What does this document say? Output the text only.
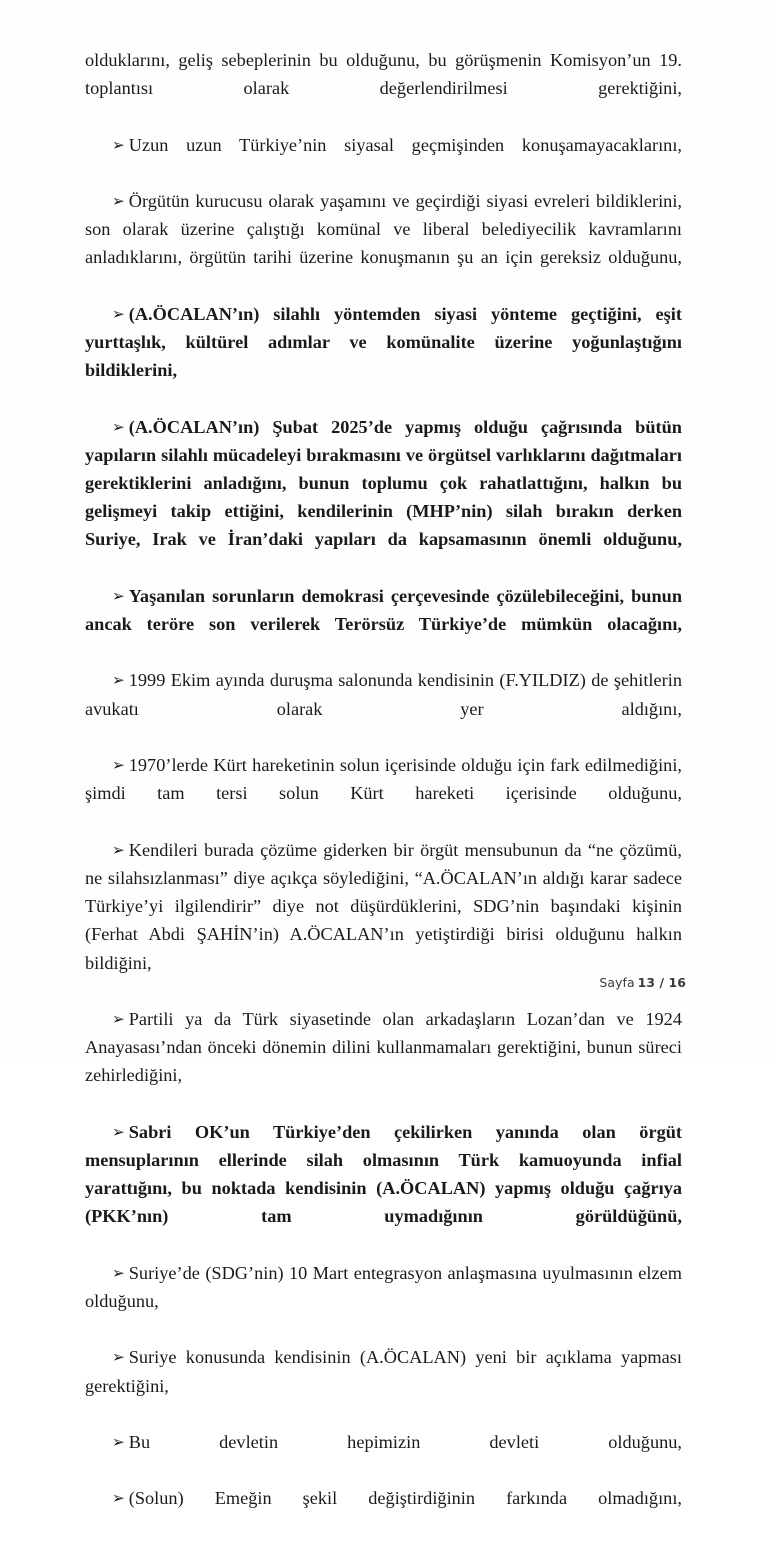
olduklarını, geliş sebeplerinin bu olduğunu, bu görüşmenin Komisyon’un 19. toplantısı olarak değerlendirilmesi gerektiğini,

➢ Uzun uzun Türkiye’nin siyasal geçmişinden konuşamayacaklarını,

➢ Örgütün kurucusu olarak yaşamını ve geçirdiği siyasi evreleri bildiklerini, son olarak üzerine çalıştığı komünal ve liberal belediyecilik kavramlarını anladıklarını, örgütün tarihi üzerine konuşmanın şu an için gereksiz olduğunu,

➢ (A.ÖCALAN’ın) silahlı yöntemden siyasi yönteme geçtiğini, eşit yurttaşlık, kültürel adımlar ve komünalite üzerine yoğunlaştığını bildiklerini,

➢ (A.ÖCALAN’ın) Şubat 2025’de yapmış olduğu çağrısında bütün yapıların silahlı mücadeleyi bırakmasını ve örgütsel varlıklarını dağıtmaları gerektiklerini anladığını, bunun toplumu çok rahatlattığını, halkın bu gelişmeyi takip ettiğini, kendilerinin (MHP’nin) silah bırakın derken Suriye, Irak ve İran’daki yapıları da kapsamasının önemli olduğunu,

➢ Yaşanılan sorunların demokrasi çerçevesinde çözülebileceğini, bunun ancak teröre son verilerek Terörsüz Türkiye’de mümkün olacağını,

➢ 1999 Ekim ayında duruşma salonunda kendisinin (F.YILDIZ) de şehitlerin avukatı olarak yer aldığını,

➢ 1970’lerde Kürt hareketinin solun içerisinde olduğu için fark edilmediğini, şimdi tam tersi solun Kürt hareketi içerisinde olduğunu,

➢ Kendileri burada çözüme giderken bir örgüt mensubunun da “ne çözümü, ne silahsızlanması” diye açıkça söylediğini, “A.ÖCALAN’ın aldığı karar sadece Türkiye’yi ilgilendirir” diye not düşürdüklerini, SDG’nin başındaki kişinin (Ferhat Abdi ŞAHİN’in) A.ÖCALAN’ın yetiştirdiği birisi olduğunu halkın bildiğini,

➢ Partili ya da Türk siyasetinde olan arkadaşların Lozan’dan ve 1924 Anayasası’ndan önceki dönemin dilini kullanmamaları gerektiğini, bunun süreci zehirlediğini,

➢ Sabri OK’un Türkiye’den çekilirken yanında olan örgüt mensuplarının ellerinde silah olmasının Türk kamuoyunda infial yarattığını, bu noktada kendisinin (A.ÖCALAN) yapmış olduğu çağrıya (PKK’nın) tam uymadığının görüldüğünü,

➢ Suriye’de (SDG’nin) 10 Mart entegrasyon anlaşmasına uyulmasının elzem olduğunu,

➢ Suriye konusunda kendisinin (A.ÖCALAN) yeni bir açıklama yapması gerektiğini,

➢ Bu devletin hepimizin devleti olduğunu,

➢ (Solun) Emeğin şekil değiştirdiğinin farkında olmadığını,

Sayfa 13 / 16
